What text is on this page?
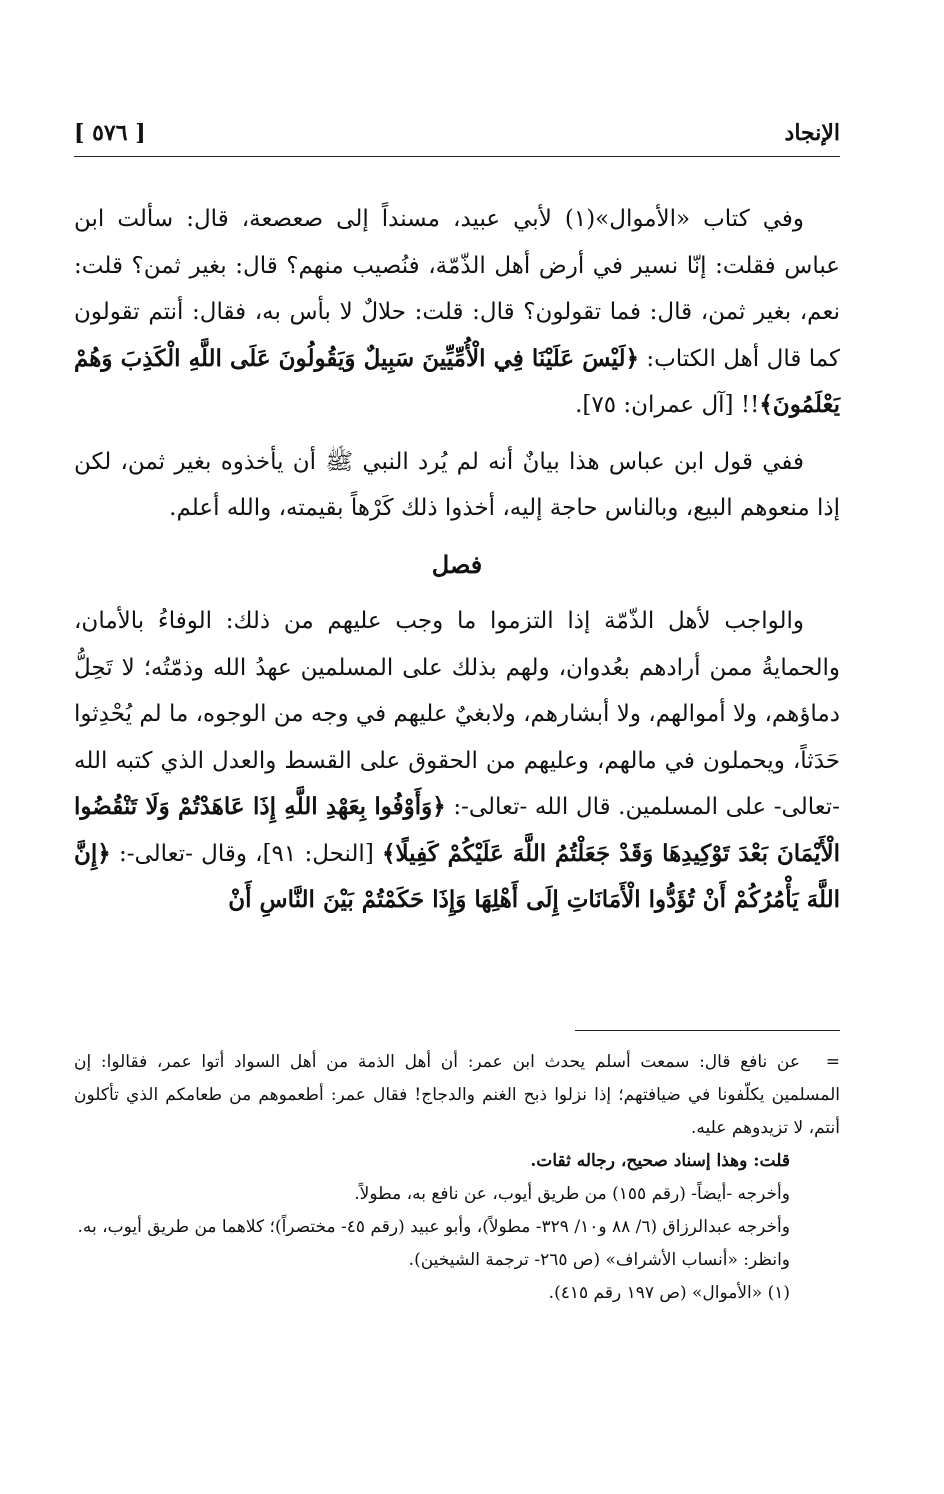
الإنجاد
[ ٥٧٦ ]

وفي كتاب «الأموال»(١) لأبي عبيد، مسنداً إلى صعصعة، قال: سألت ابن عباس فقلت: إنّا نسير في أرض أهل الذّمّة، فنُصيب منهم؟ قال: بغير ثمن؟ قلت: نعم، بغير ثمن، قال: فما تقولون؟ قال: قلت: حلالٌ لا بأس به، فقال: أنتم تقولون كما قال أهل الكتاب: ﴿لَيْسَ عَلَيْنَا فِي الْأُمِّيِّينَ سَبِيلٌ وَيَقُولُونَ عَلَى اللَّهِ الْكَذِبَ وَهُمْ يَعْلَمُونَ﴾!! [آل عمران: ٧٥].

ففي قول ابن عباس هذا بيانٌ أنه لم يُرد النبي ﷺ أن يأخذوه بغير ثمن، لكن إذا منعوهم البيع، وبالناس حاجة إليه، أخذوا ذلك كَرْهاً بقيمته، والله أعلم.

فصل

والواجب لأهل الذّمّة إذا التزموا ما وجب عليهم من ذلك: الوفاءُ بالأمان، والحمايةُ ممن أرادهم بعُدوان، ولهم بذلك على المسلمين عهدُ الله وذمّتُه؛ لا تَحِلُّ دماؤهم، ولا أموالهم، ولا أبشارهم، ولابغيٌ عليهم في وجه من الوجوه، ما لم يُحْدِثوا حَدَثاً، ويحملون في مالهم، وعليهم من الحقوق على القسط والعدل الذي كتبه الله -تعالى- على المسلمين. قال الله -تعالى-: ﴿وَأَوْفُوا بِعَهْدِ اللَّهِ إِذَا عَاهَدْتُمْ وَلَا تَنْقُضُوا الْأَيْمَانَ بَعْدَ تَوْكِيدِهَا وَقَدْ جَعَلْتُمُ اللَّهَ عَلَيْكُمْ كَفِيلًا﴾ [النحل: ٩١]، وقال -تعالى-: ﴿إِنَّ اللَّهَ يَأْمُرُكُمْ أَنْ تُؤَدُّوا الْأَمَانَاتِ إِلَى أَهْلِهَا وَإِذَا حَكَمْتُمْ بَيْنَ النَّاسِ أَنْ

=عن نافع قال: سمعت أسلم يحدث ابن عمر: أن أهل الذمة من أهل السواد أتوا عمر، فقالوا: إن المسلمين يكلّفونا في ضيافتهم؛ إذا نزلوا ذبح الغنم والدجاج! فقال عمر: أطعموهم من طعامكم الذي تأكلون أنتم، لا تزيدوهم عليه.

قلت: وهذا إسناد صحيح، رجاله ثقات.

وأخرجه -أيضاً- (رقم ١٥٥) من طريق أيوب، عن نافع به، مطولاً.

وأخرجه عبدالرزاق (٦/ ٨٨ و١٠/ ٣٢٩- مطولاً)، وأبو عبيد (رقم ٤٥- مختصراً)؛ كلاهما من طريق أيوب، به.

وانظر: «أنساب الأشراف» (ص ٢٦٥- ترجمة الشيخين).

(١) «الأموال» (ص ١٩٧ رقم ٤١٥).
